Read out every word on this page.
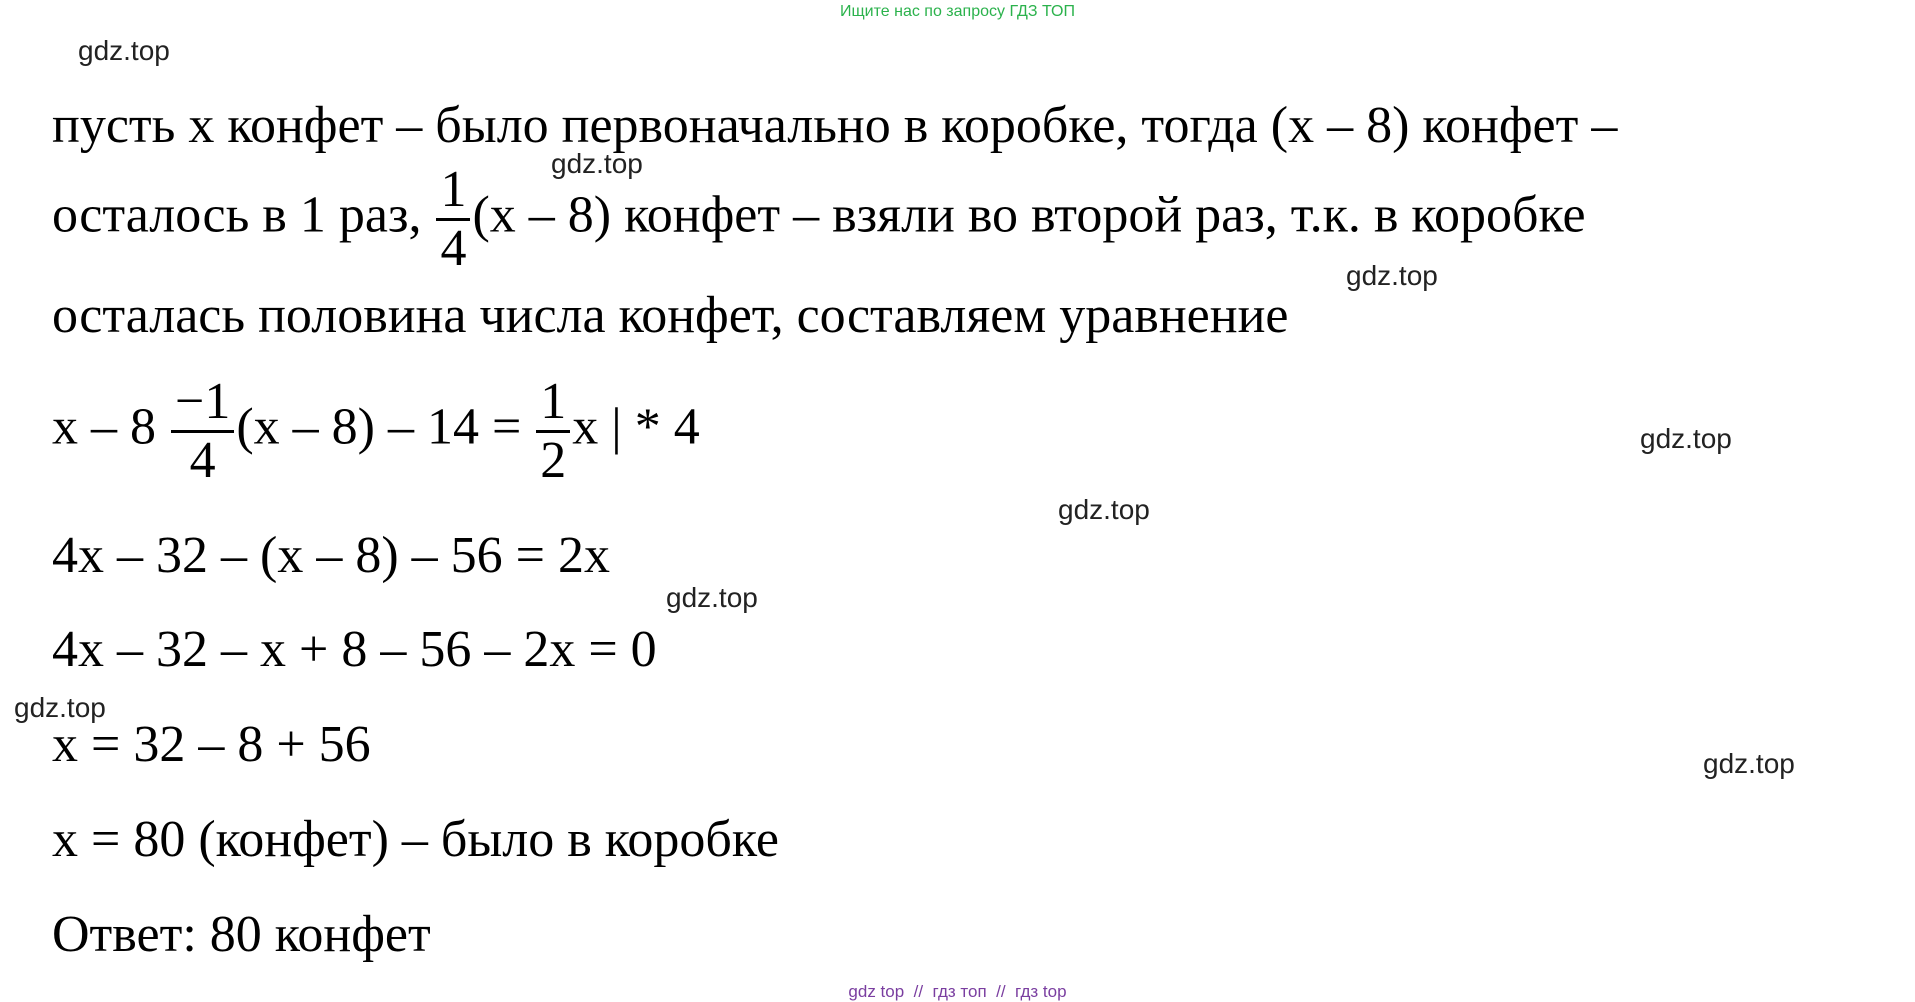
Ищите нас по запросу ГДЗ ТОП
gdz.top
gdz.top
gdz.top
gdz.top
gdz.top
gdz.top
gdz.top
gdz.top
пусть x конфет – было первоначально в коробке, тогда (x – 8) конфет –
осталось в 1 раз, $\frac{1}{4} (x - 8)$ конфет – взяли во второй раз, т.к. в коробке
осталась половина числа конфет, составляем уравнение
$x - 8 \frac{-1}{4} (x - 8) - 14 = \frac{1}{2}$ x | * 4
4x – 32 – (x – 8) – 56 = 2x
4x – 32 – x + 8 – 56 – 2x = 0
x = 32 – 8 + 56
x = 80 (конфет) – было в коробке
Ответ: 80 конфет
gdz top // гдз топ // гдз top
